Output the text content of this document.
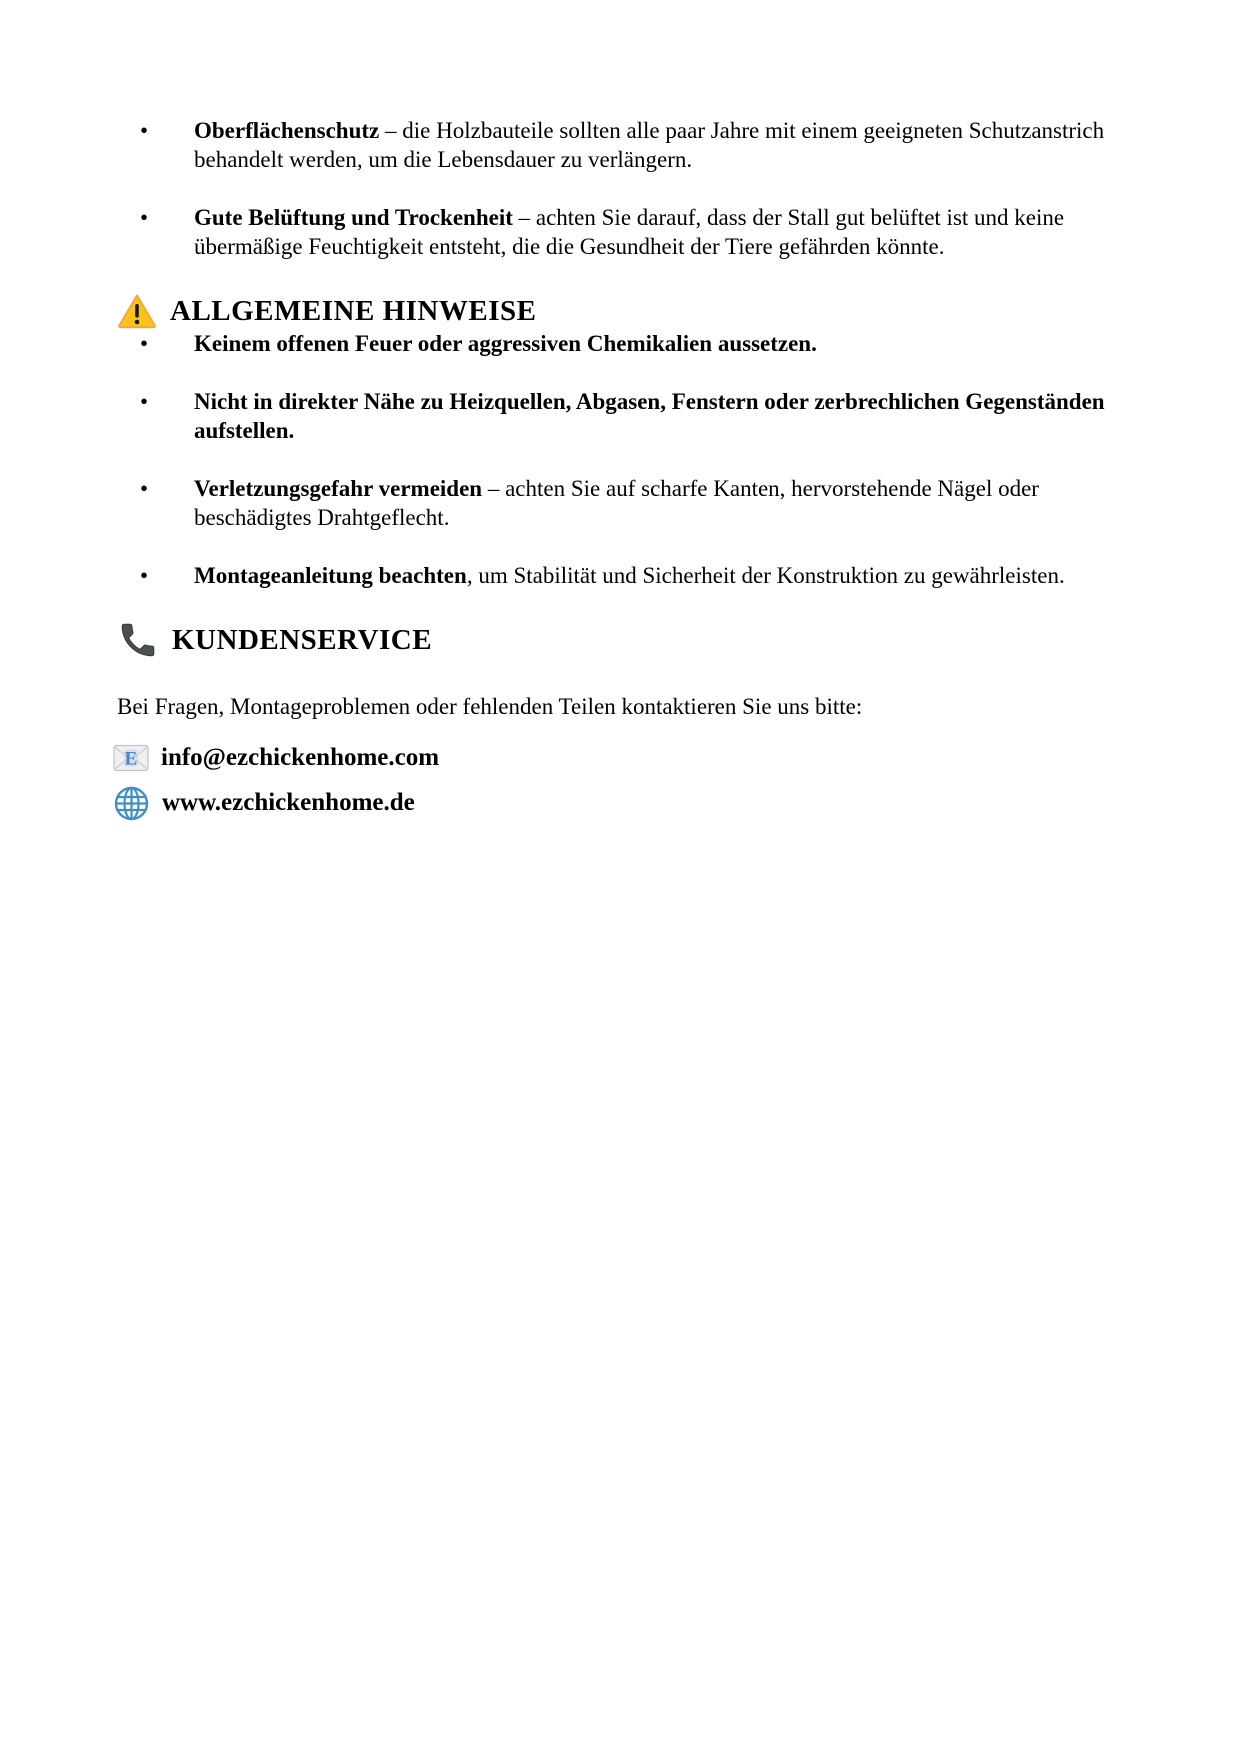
• Oberflächenschutz – die Holzbauteile sollten alle paar Jahre mit einem geeigneten Schutzanstrich behandelt werden, um die Lebensdauer zu verlängern.
• Gute Belüftung und Trockenheit – achten Sie darauf, dass der Stall gut belüftet ist und keine übermäßige Feuchtigkeit entsteht, die die Gesundheit der Tiere gefährden könnte.
ALLGEMEINE HINWEISE
• Keinem offenen Feuer oder aggressiven Chemikalien aussetzen.
• Nicht in direkter Nähe zu Heizquellen, Abgasen, Fenstern oder zerbrechlichen Gegenständen aufstellen.
• Verletzungsgefahr vermeiden – achten Sie auf scharfe Kanten, hervorstehende Nägel oder beschädigtes Drahtgeflecht.
• Montageanleitung beachten, um Stabilität und Sicherheit der Konstruktion zu gewährleisten.
KUNDENSERVICE

Bei Fragen, Montageproblemen oder fehlenden Teilen kontaktieren Sie uns bitte:

E info@ezchickenhome.com
www.ezchickenhome.de
